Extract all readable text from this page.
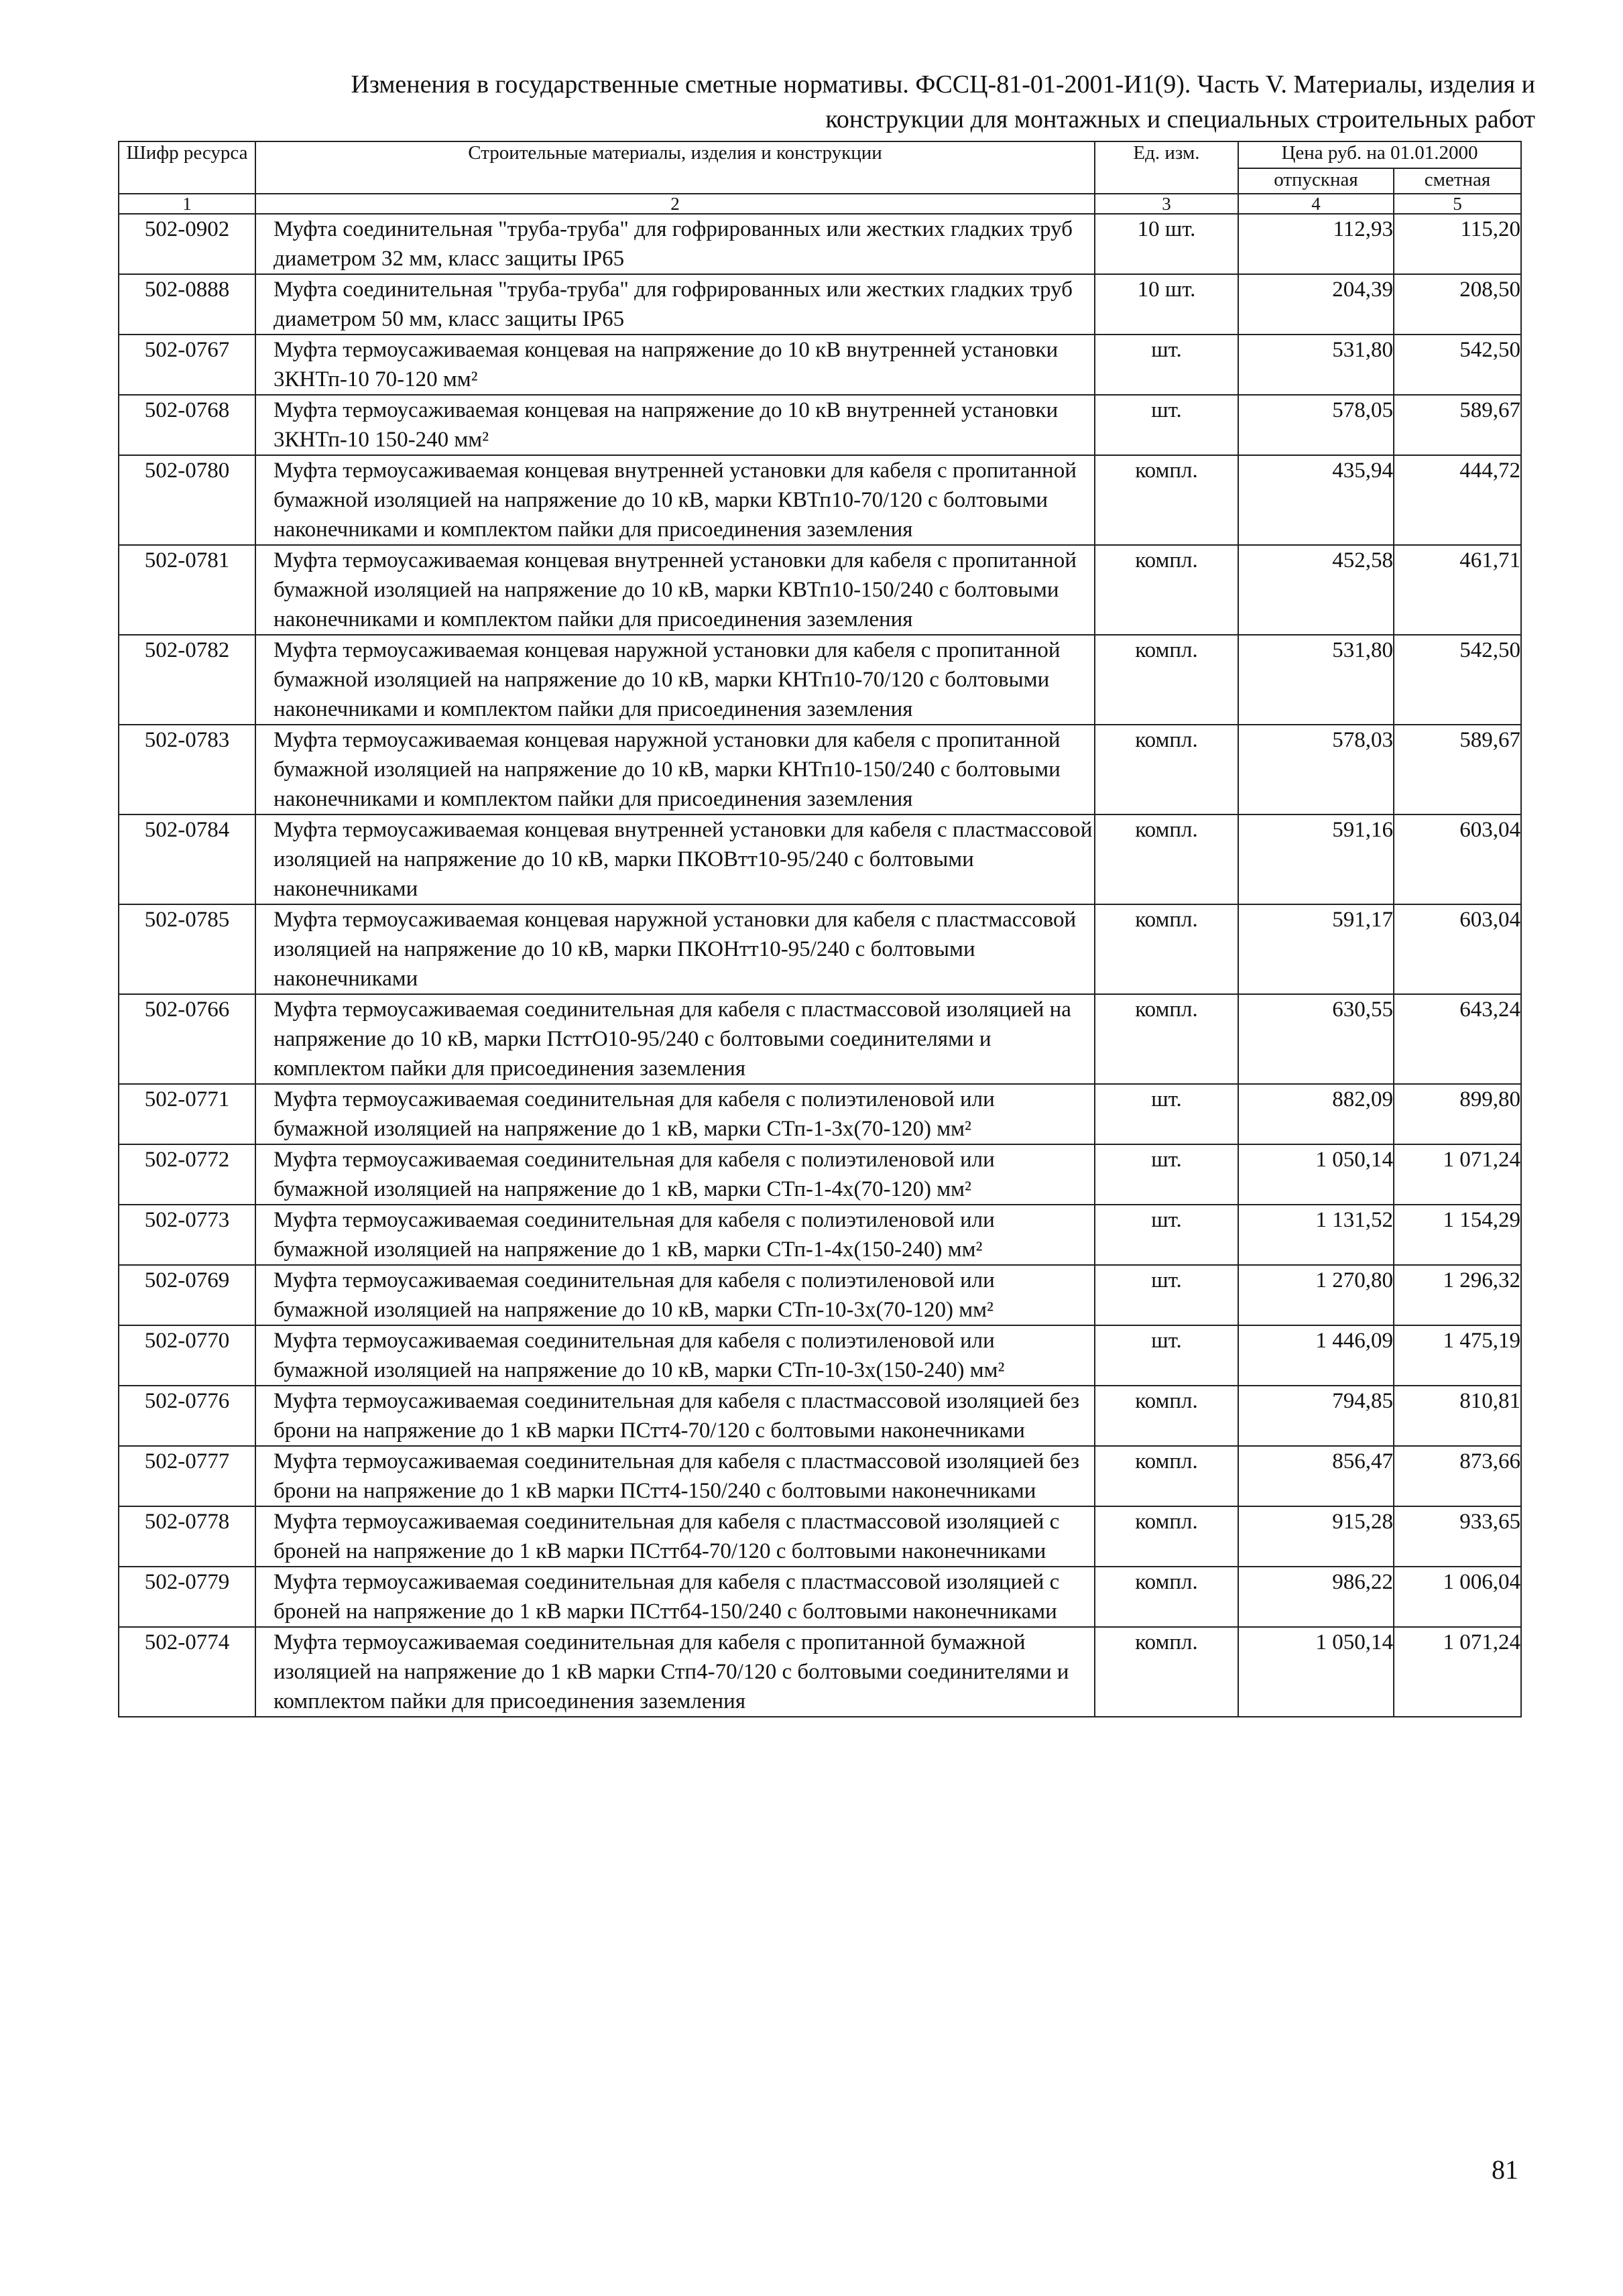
Изменения в государственные сметные нормативы. ФССЦ-81-01-2001-И1(9). Часть V. Материалы, изделия и

конструкции для монтажных и специальных строительных работ
Шифр ресурса	Строительные материалы, изделия и конструкции	Ед. изм.	Цена руб. на 01.01.2000	
			отпускная	сметная
1	2	3	4	5
502-0902	Муфта соединительная "труба-труба" для гофрированных или жестких гладких труб диаметром 32 мм, класс защиты IP65	10 шт.	112,93	115,20
502-0888	Муфта соединительная "труба-труба" для гофрированных или жестких гладких труб диаметром 50 мм, класс защиты IP65	10 шт.	204,39	208,50
502-0767	Муфта термоусаживаемая концевая на напряжение до 10 кВ внутренней установки 3КНТп-10 70-120 мм²	шт.	531,80	542,50
502-0768	Муфта термоусаживаемая концевая на напряжение до 10 кВ внутренней установки 3КНТп-10 150-240 мм²	шт.	578,05	589,67
502-0780	Муфта термоусаживаемая концевая внутренней установки для кабеля с пропитанной бумажной изоляцией на напряжение до 10 кВ, марки КВТп10-70/120 с болтовыми наконечниками и комплектом пайки для присоединения заземления	компл.	435,94	444,72
502-0781	Муфта термоусаживаемая концевая внутренней установки для кабеля с пропитанной бумажной изоляцией на напряжение до 10 кВ, марки КВТп10-150/240 с болтовыми наконечниками и комплектом пайки для присоединения заземления	компл.	452,58	461,71
502-0782	Муфта термоусаживаемая концевая наружной установки для кабеля с пропитанной бумажной изоляцией на напряжение до 10 кВ, марки КНТп10-70/120 с болтовыми наконечниками и комплектом пайки для присоединения заземления	компл.	531,80	542,50
502-0783	Муфта термоусаживаемая концевая наружной установки для кабеля с пропитанной бумажной изоляцией на напряжение до 10 кВ, марки КНТп10-150/240 с болтовыми наконечниками и комплектом пайки для присоединения заземления	компл.	578,03	589,67
502-0784	Муфта термоусаживаемая концевая внутренней установки для кабеля с пластмассовой изоляцией на напряжение до 10 кВ, марки ПКОВтт10-95/240 с болтовыми наконечниками	компл.	591,16	603,04
502-0785	Муфта термоусаживаемая концевая наружной установки для кабеля с пластмассовой изоляцией на напряжение до 10 кВ, марки ПКОНтт10-95/240 с болтовыми наконечниками	компл.	591,17	603,04
502-0766	Муфта термоусаживаемая соединительная для кабеля с пластмассовой изоляцией на напряжение до 10 кВ, марки ПсттО10-95/240 с болтовыми соединителями и комплектом пайки для присоединения заземления	компл.	630,55	643,24
502-0771	Муфта термоусаживаемая соединительная для кабеля с полиэтиленовой или бумажной изоляцией на напряжение до 1 кВ, марки СТп-1-3х(70-120) мм²	шт.	882,09	899,80
502-0772	Муфта термоусаживаемая соединительная для кабеля с полиэтиленовой или бумажной изоляцией на напряжение до 1 кВ, марки СТп-1-4х(70-120) мм²	шт.	1 050,14	1 071,24
502-0773	Муфта термоусаживаемая соединительная для кабеля с полиэтиленовой или бумажной изоляцией на напряжение до 1 кВ, марки СТп-1-4х(150-240) мм²	шт.	1 131,52	1 154,29
502-0769	Муфта термоусаживаемая соединительная для кабеля с полиэтиленовой или бумажной изоляцией на напряжение до 10 кВ, марки СТп-10-3х(70-120) мм²	шт.	1 270,80	1 296,32
502-0770	Муфта термоусаживаемая соединительная для кабеля с полиэтиленовой или бумажной изоляцией на напряжение до 10 кВ, марки СТп-10-3х(150-240) мм²	шт.	1 446,09	1 475,19
502-0776	Муфта термоусаживаемая соединительная для кабеля с пластмассовой изоляцией без брони на напряжение до 1 кВ марки ПСтт4-70/120 с болтовыми наконечниками	компл.	794,85	810,81
502-0777	Муфта термоусаживаемая соединительная для кабеля с пластмассовой изоляцией без брони на напряжение до 1 кВ марки ПСтт4-150/240 с болтовыми наконечниками	компл.	856,47	873,66
502-0778	Муфта термоусаживаемая соединительная для кабеля с пластмассовой изоляцией с броней на напряжение до 1 кВ марки ПСттб4-70/120 с болтовыми наконечниками	компл.	915,28	933,65
502-0779	Муфта термоусаживаемая соединительная для кабеля с пластмассовой изоляцией с броней на напряжение до 1 кВ марки ПСттб4-150/240 с болтовыми наконечниками	компл.	986,22	1 006,04
502-0774	Муфта термоусаживаемая соединительная для кабеля с пропитанной бумажной изоляцией на напряжение до 1 кВ марки Стп4-70/120 с болтовыми соединителями и комплектом пайки для присоединения заземления	компл.	1 050,14	1 071,24
81
